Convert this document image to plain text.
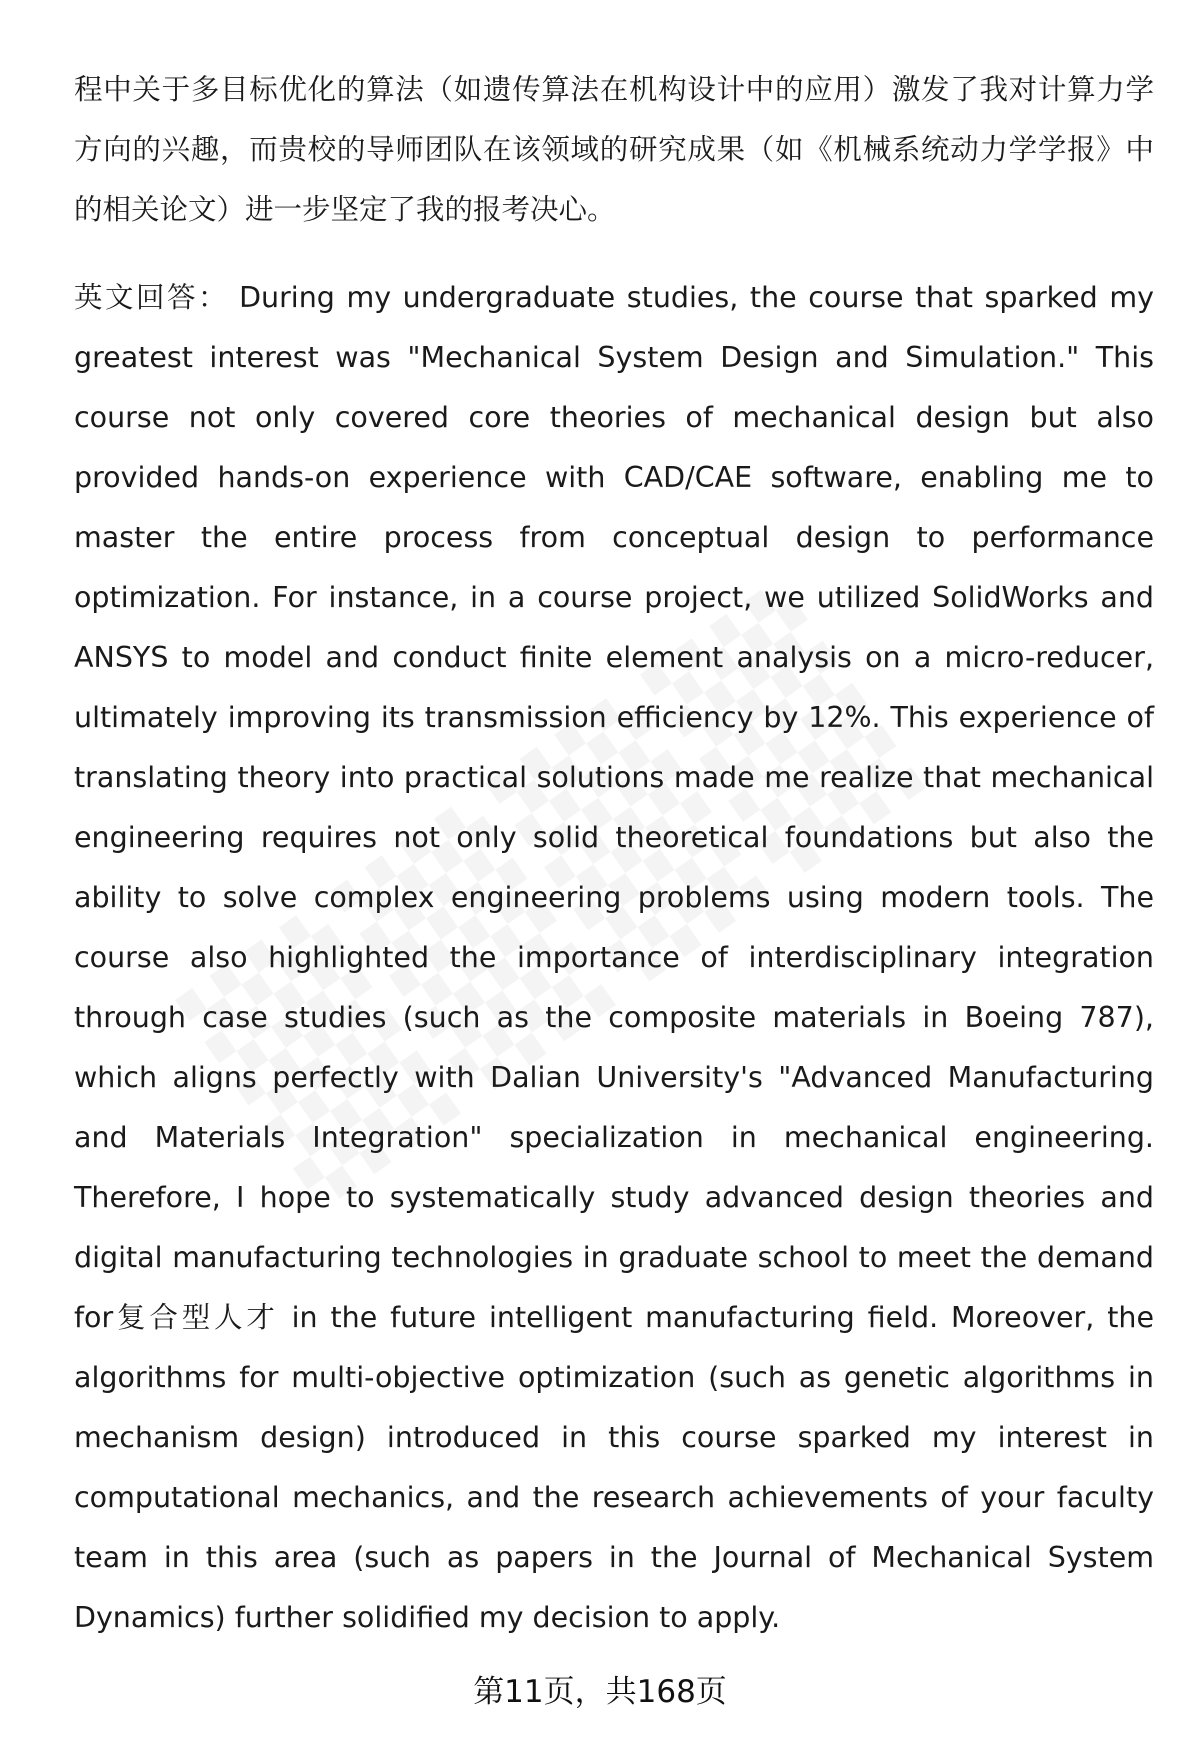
程中关于多目标优化的算法（如遗传算法在机构设计中的应用）激发了我对计算力学方向的兴趣，而贵校的导师团队在该领域的研究成果（如《机械系统动力学学报》中的相关论文）进一步坚定了我的报考决心。

英文回答： During my undergraduate studies, the course that sparked my greatest interest was "Mechanical System Design and Simulation." This course not only covered core theories of mechanical design but also provided hands-on experience with CAD/CAE software, enabling me to master the entire process from conceptual design to performance optimization. For instance, in a course project, we utilized SolidWorks and ANSYS to model and conduct finite element analysis on a micro-reducer, ultimately improving its transmission efficiency by 12%. This experience of translating theory into practical solutions made me realize that mechanical engineering requires not only solid theoretical foundations but also the ability to solve complex engineering problems using modern tools. The course also highlighted the importance of interdisciplinary integration through case studies (such as the composite materials in Boeing 787), which aligns perfectly with Dalian University's "Advanced Manufacturing and Materials Integration" specialization in mechanical engineering. Therefore, I hope to systematically study advanced design theories and digital manufacturing technologies in graduate school to meet the demand for复合型人才 in the future intelligent manufacturing field. Moreover, the algorithms for multi-objective optimization (such as genetic algorithms in mechanism design) introduced in this course sparked my interest in computational mechanics, and the research achievements of your faculty team in this area (such as papers in the Journal of Mechanical System Dynamics) further solidified my decision to apply.

第11页，共168页
